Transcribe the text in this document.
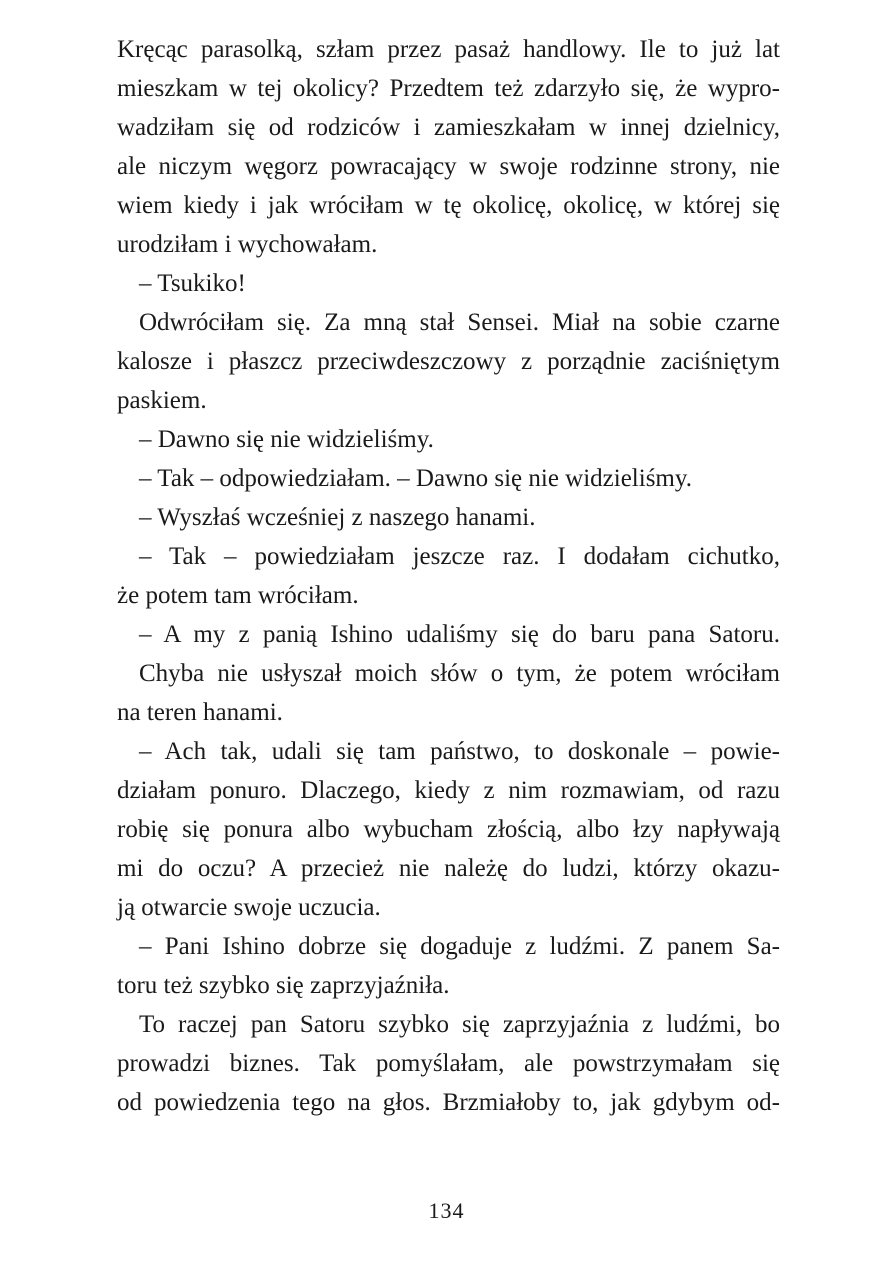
Kręcąc parasolką, szłam przez pasaż handlowy. Ile to już lat
mieszkam w tej okolicy? Przedtem też zdarzyło się, że wypro-
wadziłam się od rodziców i zamieszkałam w innej dzielnicy,
ale niczym węgorz powracający w swoje rodzinne strony, nie
wiem kiedy i jak wróciłam w tę okolicę, okolicę, w której się
urodziłam i wychowałam.
– Tsukiko!
Odwróciłam się. Za mną stał Sensei. Miał na sobie czarne
kalosze i płaszcz przeciwdeszczowy z porządnie zaciśniętym
paskiem.
– Dawno się nie widzieliśmy.
– Tak – odpowiedziałam. – Dawno się nie widzieliśmy.
– Wyszłaś wcześniej z naszego hanami.
– Tak – powiedziałam jeszcze raz. I dodałam cichutko,
że potem tam wróciłam.
– A my z panią Ishino udaliśmy się do baru pana Satoru.
Chyba nie usłyszał moich słów o tym, że potem wróciłam
na teren hanami.
– Ach tak, udali się tam państwo, to doskonale – powie-
działam ponuro. Dlaczego, kiedy z nim rozmawiam, od razu
robię się ponura albo wybucham złością, albo łzy napływają
mi do oczu? A przecież nie należę do ludzi, którzy okazu-
ją otwarcie swoje uczucia.
– Pani Ishino dobrze się dogaduje z ludźmi. Z panem Sa-
toru też szybko się zaprzyjaźniła.
To raczej pan Satoru szybko się zaprzyjaźnia z ludźmi, bo
prowadzi biznes. Tak pomyślałam, ale powstrzymałam się
od powiedzenia tego na głos. Brzmiałoby to, jak gdybym od-
134
